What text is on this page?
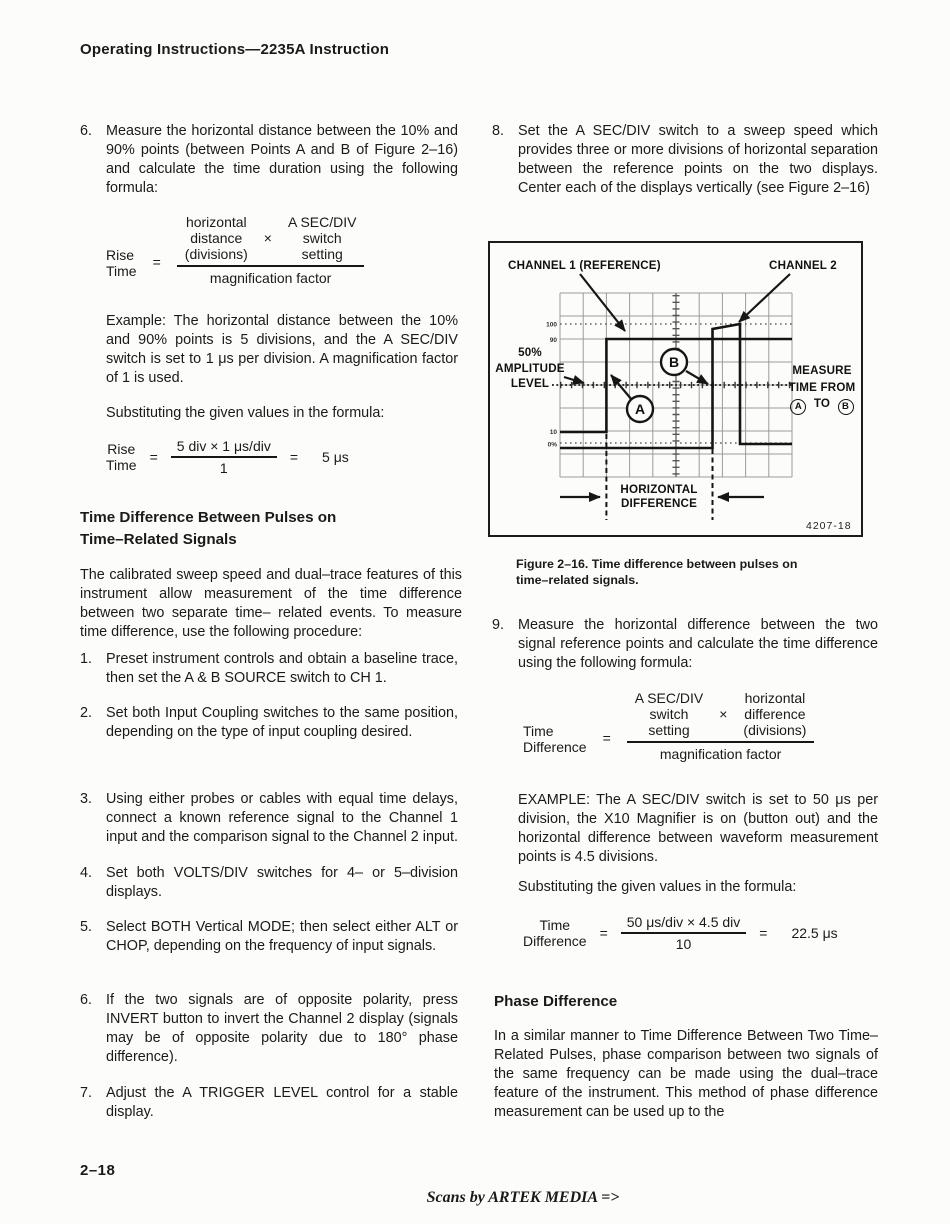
Operating Instructions—2235A Instruction
6. Measure the horizontal distance between the 10% and 90% points (between Points A and B of Figure 2–16) and calculate the time duration using the following formula:
Rise
Time
=
horizontal
distance
(divisions)
×
A SEC/DIV
switch
setting
magnification factor
Example: The horizontal distance between the 10% and 90% points is 5 divisions, and the A SEC/DIV switch is set to 1 μs per division. A magnification factor of 1 is used.
Substituting the given values in the formula:
Rise
Time = $\frac{\text{5 div × 1 μs/div}}{1} = 5$ μs
Time Difference Between Pulses on
Time–Related Signals
The calibrated sweep speed and dual–trace features of this instrument allow measurement of the time difference between two separate time– related events. To measure time difference, use the following procedure:
1. Preset instrument controls and obtain a baseline trace, then set the A & B SOURCE switch to CH 1.
2. Set both Input Coupling switches to the same position, depending on the type of input coupling desired.
3. Using either probes or cables with equal time delays, connect a known reference signal to the Channel 1 input and the comparison signal to the Channel 2 input.
4. Set both VOLTS/DIV switches for 4– or 5–division displays.
5. Select BOTH Vertical MODE; then select either ALT or CHOP, depending on the frequency of input signals.
6. If the two signals are of opposite polarity, press INVERT button to invert the Channel 2 display (signals may be of opposite polarity due to 180° phase difference).
7. Adjust the A TRIGGER LEVEL control for a stable display.
2–18
Scans by ARTEK MEDIA =>
8. Set the A SEC/DIV switch to a sweep speed which provides three or more divisions of horizontal separation between the reference points on the two displays. Center each of the displays vertically (see Figure 2–16)
100
90
10
0%
A
B
CHANNEL 1 (REFERENCE)	CHANNEL 2
50%
AMPLITUDE
LEVEL
MEASURE
TIME FROM
A TO B
HORIZONTAL
DIFFERENCE
4207-18
Figure 2–16. Time difference between pulses on
time–related signals.
9. Measure the horizontal difference between the two signal reference points and calculate the time difference using the following formula:
Time
Difference
=
A SEC/DIV
switch
setting
×
horizontal
difference
(divisions)
magnification factor
EXAMPLE: The A SEC/DIV switch is set to 50 μs per division, the X10 Magnifier is on (button out) and the horizontal difference between waveform measurement points is 4.5 divisions.
Substituting the given values in the formula:
Time
Difference = $\frac{\text{50 μs/div × 4.5 div}}{10} = 22.5$ μs
Phase Difference
In a similar manner to Time Difference Between Two Time–Related Pulses, phase comparison between two signals of the same frequency can be made using the dual–trace feature of the instrument. This method of phase difference measurement can be used up to the
